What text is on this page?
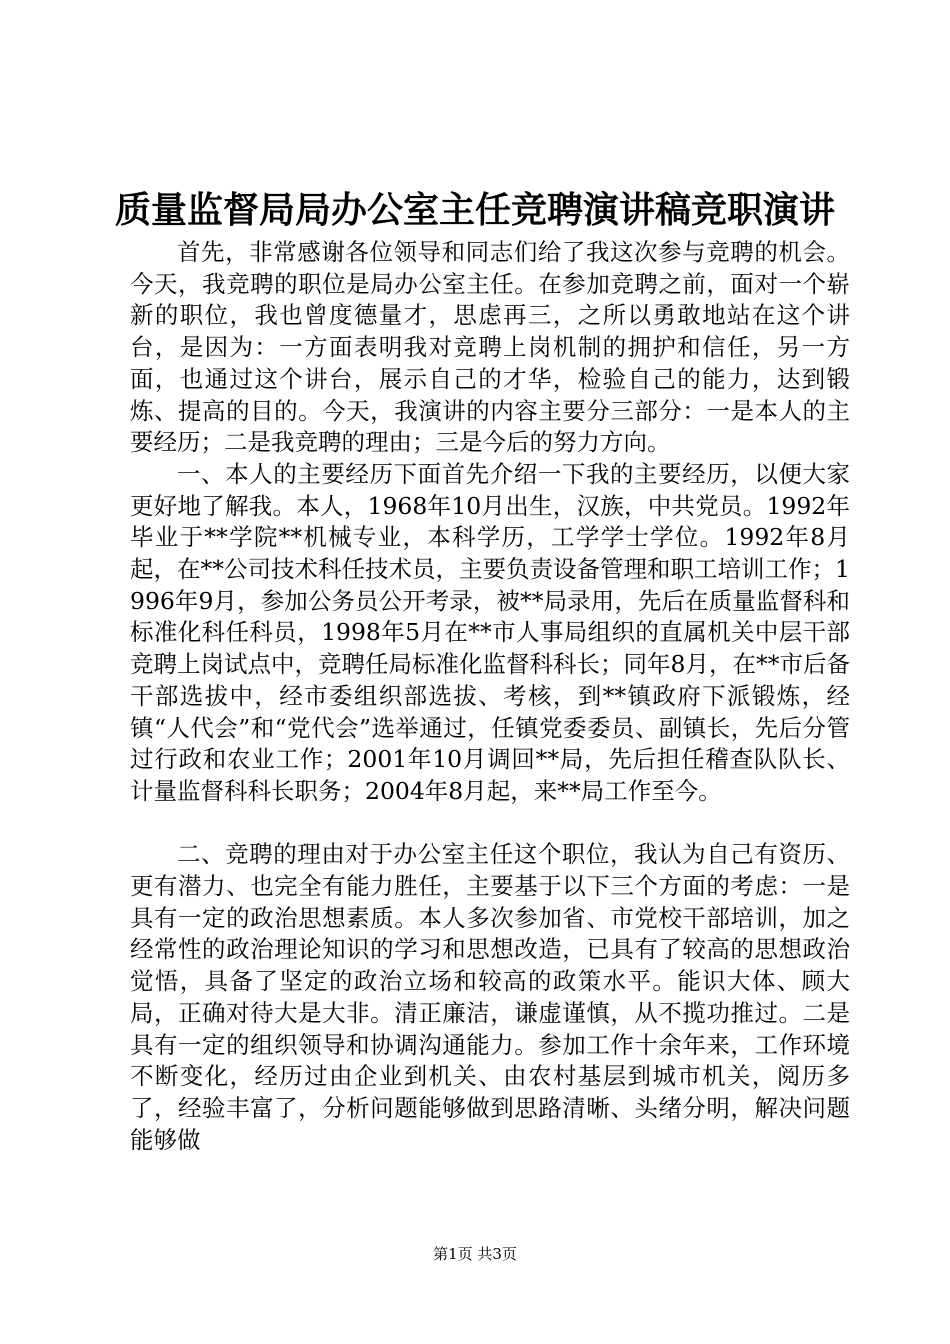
质量监督局局办公室主任竞聘演讲稿竞职演讲

首先，非常感谢各位领导和同志们给了我这次参与竞聘的机会。今天，我竞聘的职位是局办公室主任。在参加竞聘之前，面对一个崭新的职位，我也曾度德量才，思虑再三，之所以勇敢地站在这个讲台，是因为：一方面表明我对竞聘上岗机制的拥护和信任，另一方面，也通过这个讲台，展示自己的才华，检验自己的能力，达到锻炼、提高的目的。今天，我演讲的内容主要分三部分：一是本人的主要经历；二是我竞聘的理由；三是今后的努力方向。

一、本人的主要经历下面首先介绍一下我的主要经历，以便大家更好地了解我。本人，1968年10月出生，汉族，中共党员。1992年毕业于**学院**机械专业，本科学历，工学学士学位。1992年8月起，在**公司技术科任技术员，主要负责设备管理和职工培训工作；1996年9月，参加公务员公开考录，被**局录用，先后在质量监督科和标准化科任科员，1998年5月在**市人事局组织的直属机关中层干部竞聘上岗试点中，竞聘任局标准化监督科科长；同年8月，在**市后备干部选拔中，经市委组织部选拔、考核，到**镇政府下派锻炼，经镇“人代会”和“党代会”选举通过，任镇党委委员、副镇长，先后分管过行政和农业工作；2001年10月调回**局，先后担任稽查队队长、计量监督科科长职务；2004年8月起，来**局工作至今。

二、竞聘的理由对于办公室主任这个职位，我认为自己有资历、更有潜力、也完全有能力胜任，主要基于以下三个方面的考虑：一是具有一定的政治思想素质。本人多次参加省、市党校干部培训，加之经常性的政治理论知识的学习和思想改造，已具有了较高的思想政治觉悟，具备了坚定的政治立场和较高的政策水平。能识大体、顾大局，正确对待大是大非。清正廉洁，谦虚谨慎，从不揽功推过。二是具有一定的组织领导和协调沟通能力。参加工作十余年来，工作环境不断变化，经历过由企业到机关、由农村基层到城市机关，阅历多了，经验丰富了，分析问题能够做到思路清晰、头绪分明，解决问题能够做

第1页 共3页
